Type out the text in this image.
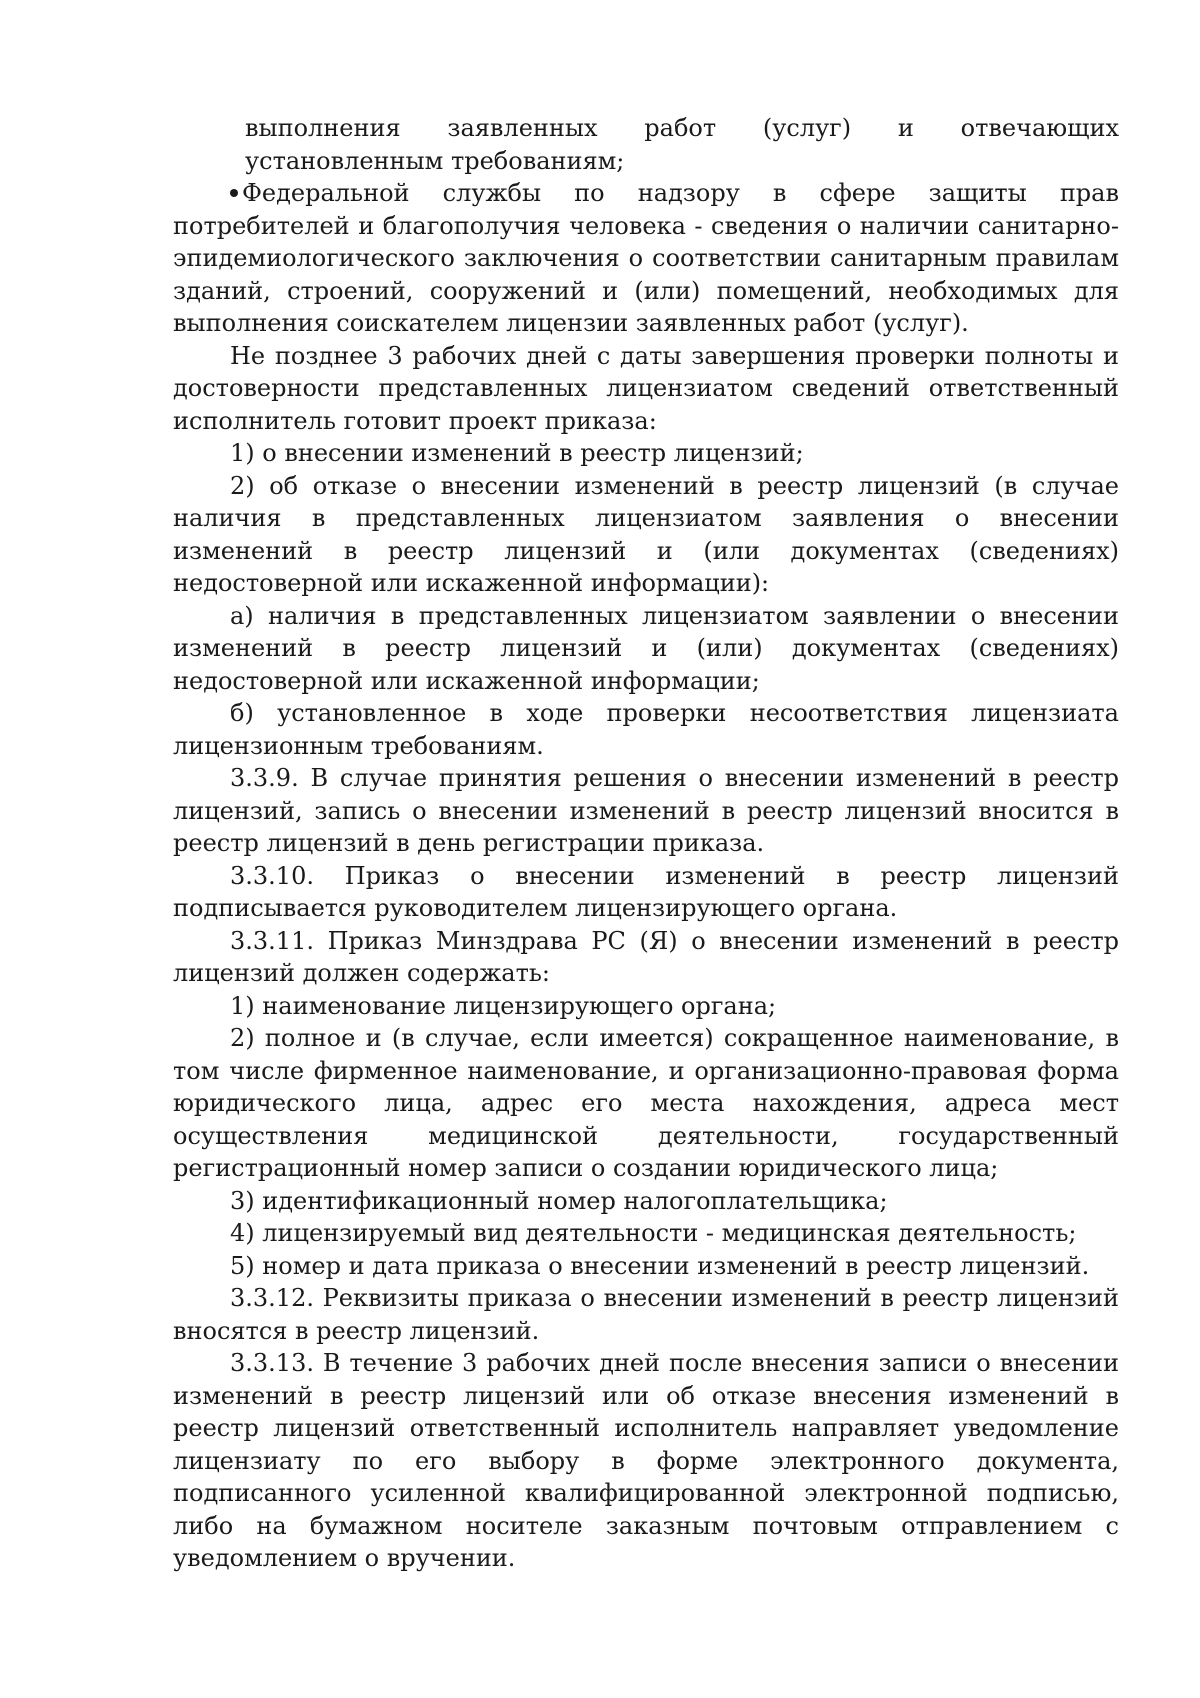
выполнения заявленных работ (услуг) и отвечающих установленным требованиям;

Федеральной службы по надзору в сфере защиты прав потребителей и благополучия человека - сведения о наличии санитарно-эпидемиологического заключения о соответствии санитарным правилам зданий, строений, сооружений и (или) помещений, необходимых для выполнения соискателем лицензии заявленных работ (услуг).

Не позднее 3 рабочих дней с даты завершения проверки полноты и достоверности представленных лицензиатом сведений ответственный исполнитель готовит проект приказа:

1) о внесении изменений в реестр лицензий;

2) об отказе о внесении изменений в реестр лицензий (в случае наличия в представленных лицензиатом заявления о внесении изменений в реестр лицензий и (или документах (сведениях) недостоверной или искаженной информации):

а) наличия в представленных лицензиатом заявлении о внесении изменений в реестр лицензий и (или) документах (сведениях) недостоверной или искаженной информации;

б) установленное в ходе проверки несоответствия лицензиата лицензионным требованиям.

3.3.9. В случае принятия решения о внесении изменений в реестр лицензий, запись о внесении изменений в реестр лицензий вносится в реестр лицензий в день регистрации приказа.

3.3.10. Приказ о внесении изменений в реестр лицензий подписывается руководителем лицензирующего органа.

3.3.11. Приказ Минздрава РС (Я) о внесении изменений в реестр лицензий должен содержать:

1) наименование лицензирующего органа;

2) полное и (в случае, если имеется) сокращенное наименование, в том числе фирменное наименование, и организационно-правовая форма юридического лица, адрес его места нахождения, адреса мест осуществления медицинской деятельности, государственный регистрационный номер записи о создании юридического лица;

3) идентификационный номер налогоплательщика;

4) лицензируемый вид деятельности - медицинская деятельность;

5) номер и дата приказа о внесении изменений в реестр лицензий.

3.3.12. Реквизиты приказа о внесении изменений в реестр лицензий вносятся в реестр лицензий.

3.3.13. В течение 3 рабочих дней после внесения записи о внесении изменений в реестр лицензий или об отказе внесения изменений в реестр лицензий ответственный исполнитель направляет уведомление лицензиату по его выбору в форме электронного документа, подписанного усиленной квалифицированной электронной подписью, либо на бумажном носителе заказным почтовым отправлением с уведомлением о вручении.
